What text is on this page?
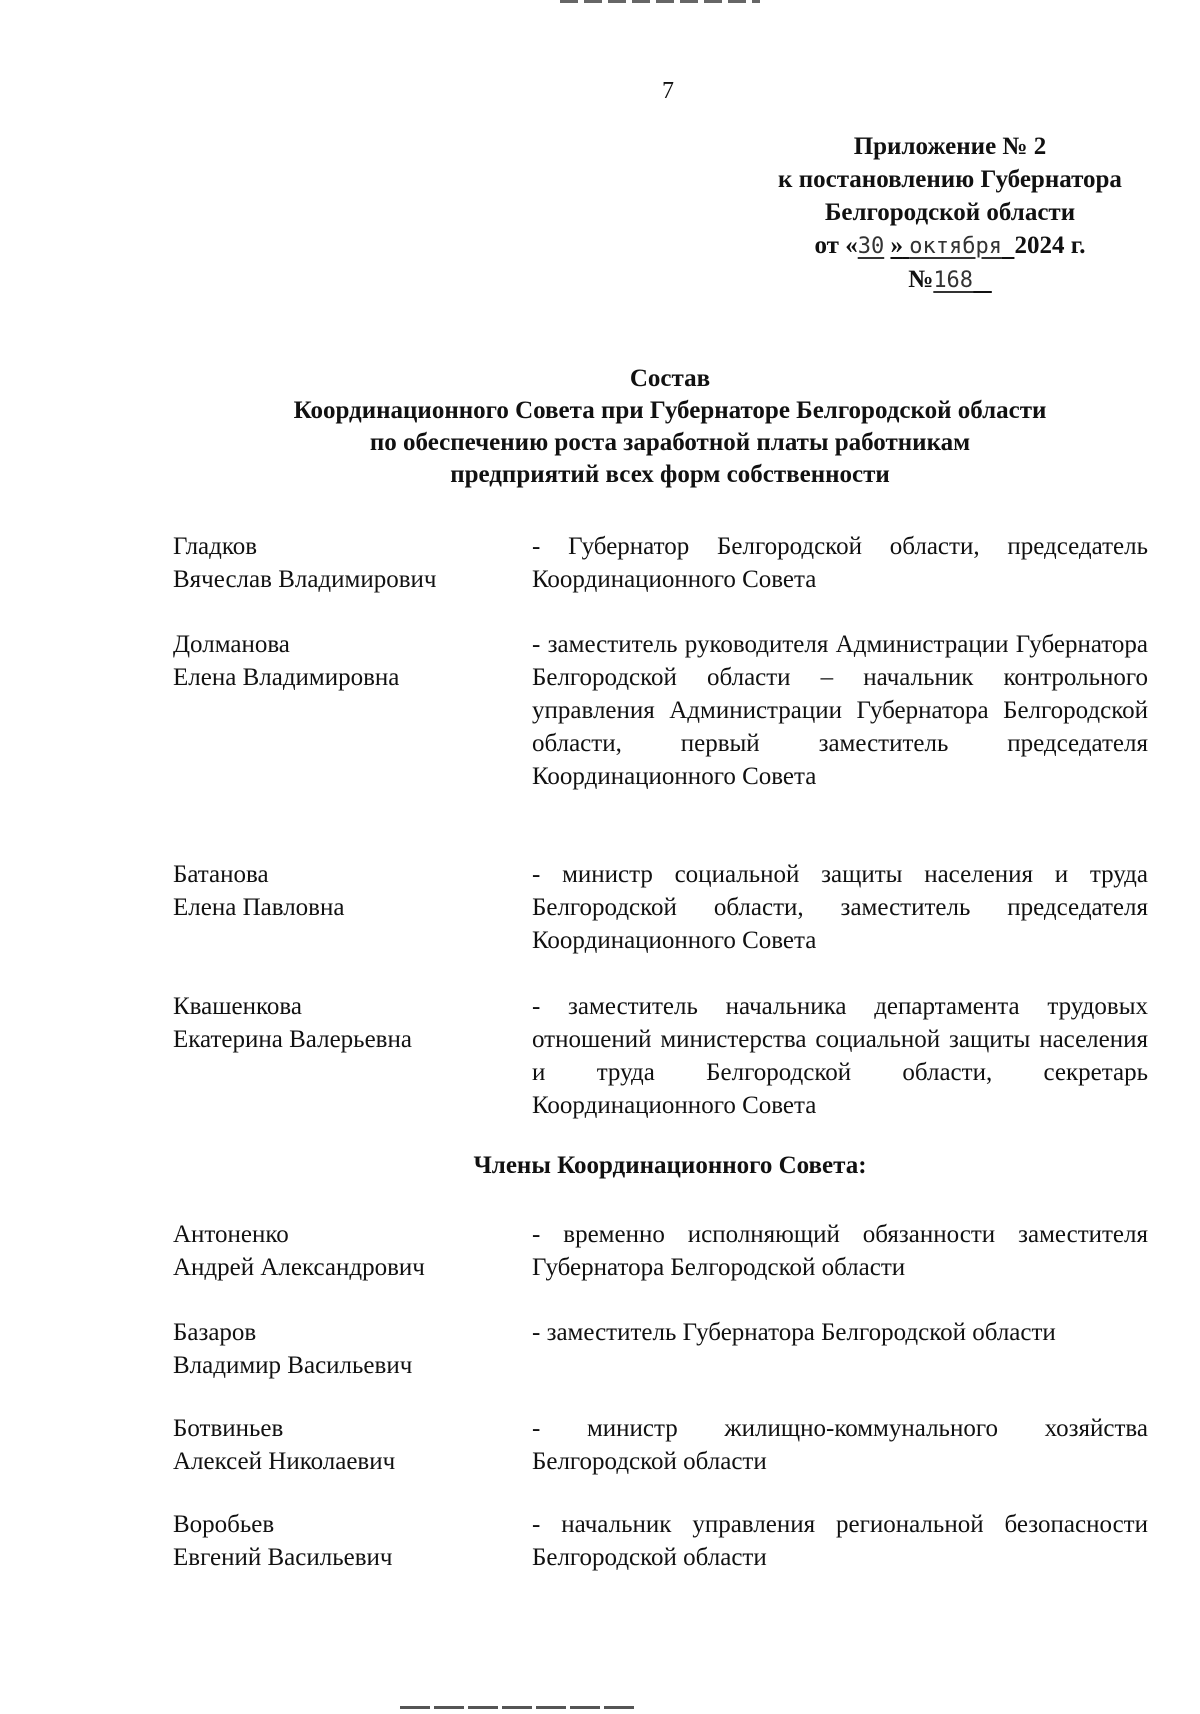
7
Приложение № 2
к постановлению Губернатора
Белгородской области
от «30 » октября 2024 г.
№168
Состав
Координационного Совета при Губернаторе Белгородской области
по обеспечению роста заработной платы работникам
предприятий всех форм собственности
Гладков
Вячеслав Владимирович
- Губернатор Белгородской области, председатель Координационного Совета
Долманова
Елена Владимировна
- заместитель руководителя Администрации Губернатора Белгородской области – начальник контрольного управления Администрации Губернатора Белгородской области, первый заместитель председателя Координационного Совета
Батанова
Елена Павловна
- министр социальной защиты населения и труда Белгородской области, заместитель председателя Координационного Совета
Квашенкова
Екатерина Валерьевна
- заместитель начальника департамента трудовых отношений министерства социальной защиты населения и труда Белгородской области, секретарь Координационного Совета
Члены Координационного Совета:
Антоненко
Андрей Александрович
- временно исполняющий обязанности заместителя Губернатора Белгородской области
Базаров
Владимир Васильевич
- заместитель Губернатора Белгородской области
Ботвиньев
Алексей Николаевич
- министр жилищно-коммунального хозяйства Белгородской области
Воробьев
Евгений Васильевич
- начальник управления региональной безопасности Белгородской области
